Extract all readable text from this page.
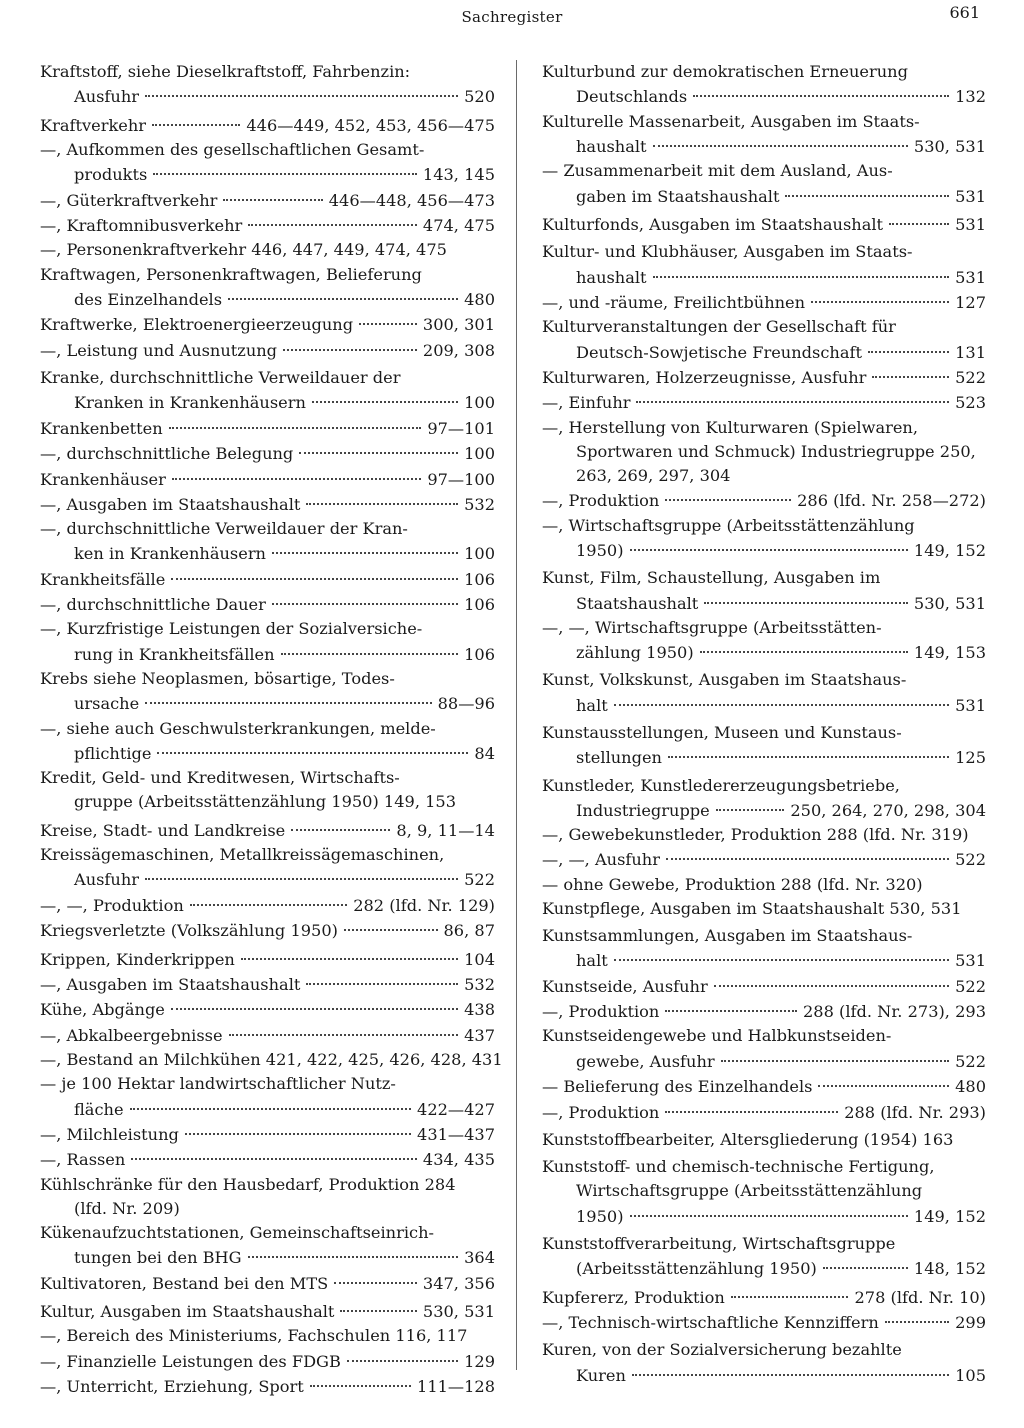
Sachregister	661
Kraftstoff, siehe Dieselkraftstoff, Fahrbenzin:
Ausfuhr	520
Kraftverkehr	446—449, 452, 453, 456—475
—, Aufkommen des gesellschaftlichen Gesamt-
produkts	143, 145
—, Güterkraftverkehr	446—448, 456—473
—, Kraftomnibusverkehr	474, 475
—, Personenkraftverkehr 446, 447, 449, 474, 475
Kraftwagen, Personenkraftwagen, Belieferung
des Einzelhandels	480
Kraftwerke, Elektroenergieerzeugung	300, 301
—, Leistung und Ausnutzung	209, 308
Kranke, durchschnittliche Verweildauer der
Kranken in Krankenhäusern	100
Krankenbetten	97—101
—, durchschnittliche Belegung	100
Krankenhäuser	97—100
—, Ausgaben im Staatshaushalt	532
—, durchschnittliche Verweildauer der Kran-
ken in Krankenhäusern	100
Krankheitsfälle	106
—, durchschnittliche Dauer	106
—, Kurzfristige Leistungen der Sozialversiche-
rung in Krankheitsfällen	106
Krebs siehe Neoplasmen, bösartige, Todes-
ursache	88—96
—, siehe auch Geschwulsterkrankungen, melde-
pflichtige	84
Kredit, Geld- und Kreditwesen, Wirtschafts-
gruppe (Arbeitsstättenzählung 1950) 149, 153
Kreise, Stadt- und Landkreise	8, 9, 11—14
Kreissägemaschinen, Metallkreissägemaschinen,
Ausfuhr	522
—, —, Produktion	282 (lfd. Nr. 129)
Kriegsverletzte (Volkszählung 1950)	86, 87
Krippen, Kinderkrippen	104
—, Ausgaben im Staatshaushalt	532
Kühe, Abgänge	438
—, Abkalbeergebnisse	437
—, Bestand an Milchkühen 421, 422, 425, 426, 428, 431
— je 100 Hektar landwirtschaftlicher Nutz-
fläche	422—427
—, Milchleistung	431—437
—, Rassen	434, 435
Kühlschränke für den Hausbedarf, Produktion 284
(lfd. Nr. 209)
Kükenaufzuchtstationen, Gemeinschaftseinrich-
tungen bei den BHG	364
Kultivatoren, Bestand bei den MTS	347, 356
Kultur, Ausgaben im Staatshaushalt	530, 531
—, Bereich des Ministeriums, Fachschulen 116, 117
—, Finanzielle Leistungen des FDGB	129
—, Unterricht, Erziehung, Sport	111—128
Kulturbund zur demokratischen Erneuerung
Deutschlands	132
Kulturelle Massenarbeit, Ausgaben im Staats-
haushalt	530, 531
— Zusammenarbeit mit dem Ausland, Aus-
gaben im Staatshaushalt	531
Kulturfonds, Ausgaben im Staatshaushalt	531
Kultur- und Klubhäuser, Ausgaben im Staats-
haushalt	531
—, und -räume, Freilichtbühnen	127
Kulturveranstaltungen der Gesellschaft für
Deutsch-Sowjetische Freundschaft	131
Kulturwaren, Holzerzeugnisse, Ausfuhr	522
—, Einfuhr	523
—, Herstellung von Kulturwaren (Spielwaren,
Sportwaren und Schmuck) Industriegruppe 250,
263, 269, 297, 304
—, Produktion	286 (lfd. Nr. 258—272)
—, Wirtschaftsgruppe (Arbeitsstättenzählung
1950)	149, 152
Kunst, Film, Schaustellung, Ausgaben im
Staatshaushalt	530, 531
—, —, Wirtschaftsgruppe (Arbeitsstätten-
zählung 1950)	149, 153
Kunst, Volkskunst, Ausgaben im Staatshaus-
halt	531
Kunstausstellungen, Museen und Kunstaus-
stellungen	125
Kunstleder, Kunstledererzeugungsbetriebe,
Industriegruppe	250, 264, 270, 298, 304
—, Gewebekunstleder, Produktion 288 (lfd. Nr. 319)
—, —, Ausfuhr	522
— ohne Gewebe, Produktion 288 (lfd. Nr. 320)
Kunstpflege, Ausgaben im Staatshaushalt 530, 531
Kunstsammlungen, Ausgaben im Staatshaus-
halt	531
Kunstseide, Ausfuhr	522
—, Produktion	288 (lfd. Nr. 273), 293
Kunstseidengewebe und Halbkunstseiden-
gewebe, Ausfuhr	522
— Belieferung des Einzelhandels	480
—, Produktion	288 (lfd. Nr. 293)
Kunststoffbearbeiter, Altersgliederung (1954) 163
Kunststoff- und chemisch-technische Fertigung,
Wirtschaftsgruppe (Arbeitsstättenzählung
1950)	149, 152
Kunststoffverarbeitung, Wirtschaftsgruppe
(Arbeitsstättenzählung 1950)	148, 152
Kupfererz, Produktion	278 (lfd. Nr. 10)
—, Technisch-wirtschaftliche Kennziffern	299
Kuren, von der Sozialversicherung bezahlte
Kuren	105
